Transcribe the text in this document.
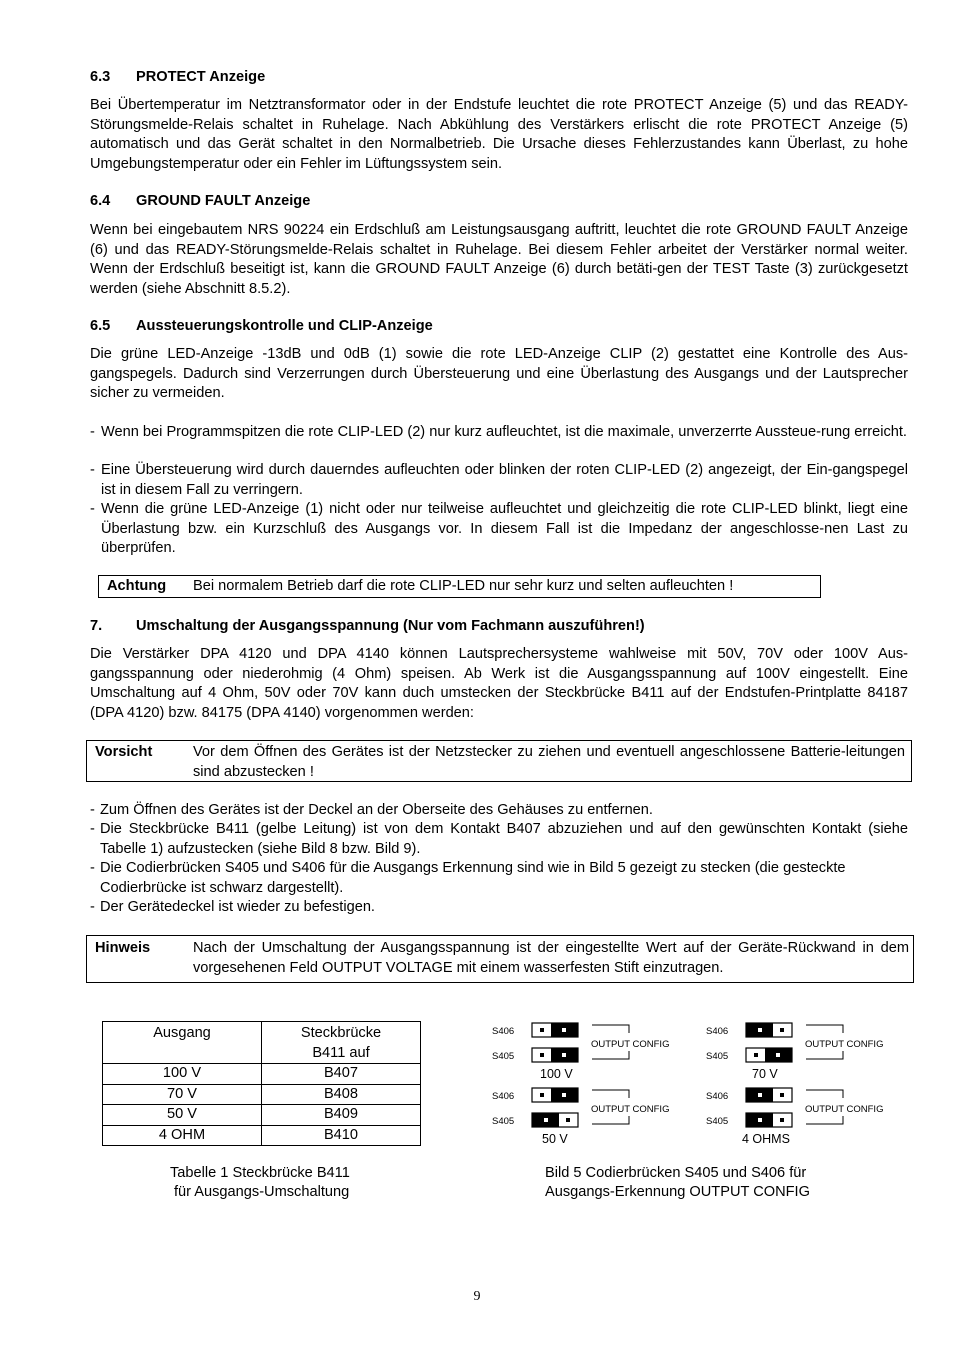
6.3 PROTECT Anzeige
Bei Übertemperatur im Netztransformator oder in der Endstufe leuchtet die rote PROTECT Anzeige (5) und das READY-Störungsmelde-Relais schaltet in Ruhelage. Nach Abkühlung des Verstärkers erlischt die rote PROTECT Anzeige (5) automatisch und das Gerät schaltet in den Normalbetrieb. Die Ursache dieses Fehlerzustandes kann Überlast, zu hohe Umgebungstemperatur oder ein Fehler im Lüftungssystem sein.
6.4 GROUND FAULT Anzeige
Wenn bei eingebautem NRS 90224 ein Erdschluß am Leistungsausgang auftritt, leuchtet die rote GROUND FAULT Anzeige (6) und das READY-Störungsmelde-Relais schaltet in Ruhelage. Bei diesem Fehler arbeitet der Verstärker normal weiter. Wenn der Erdschluß beseitigt ist, kann die GROUND FAULT Anzeige (6) durch betäti-gen der TEST Taste (3) zurückgesetzt werden (siehe Abschnitt 8.5.2).
6.5 Aussteuerungskontrolle und CLIP-Anzeige
Die grüne LED-Anzeige -13dB und 0dB (1) sowie die rote LED-Anzeige CLIP (2) gestattet eine Kontrolle des Aus-gangspegels. Dadurch sind Verzerrungen durch Übersteuerung und eine Überlastung des Ausgangs und der Lautsprecher sicher zu vermeiden.
- Wenn bei Programmspitzen die rote CLIP-LED (2) nur kurz aufleuchtet, ist die maximale, unverzerrte Aussteue-rung erreicht.
- Eine Übersteuerung wird durch dauerndes aufleuchten oder blinken der roten CLIP-LED (2) angezeigt, der Ein-gangspegel ist in diesem Fall zu verringern.
- Wenn die grüne LED-Anzeige (1) nicht oder nur teilweise aufleuchtet und gleichzeitig die rote CLIP-LED blinkt, liegt eine Überlastung bzw. ein Kurzschluß des Ausgangs vor. In diesem Fall ist die Impedanz der angeschlosse-nen Last zu überprüfen.
Achtung Bei normalem Betrieb darf die rote CLIP-LED nur sehr kurz und selten aufleuchten !
7. Umschaltung der Ausgangsspannung (Nur vom Fachmann auszuführen!)
Die Verstärker DPA 4120 und DPA 4140 können Lautsprechersysteme wahlweise mit 50V, 70V oder 100V Aus-gangsspannung oder niederohmig (4 Ohm) speisen. Ab Werk ist die Ausgangsspannung auf 100V eingestellt. Eine Umschaltung auf 4 Ohm, 50V oder 70V kann duch umstecken der Steckbrücke B411 auf der Endstufen-Printplatte 84187 (DPA 4120) bzw. 84175 (DPA 4140) vorgenommen werden:
Vorsicht	Vor dem Öffnen des Gerätes ist der Netzstecker zu ziehen und eventuell angeschlossene Batterie-leitungen sind abzustecken !
- Zum Öffnen des Gerätes ist der Deckel an der Oberseite des Gehäuses zu entfernen.
- Die Steckbrücke B411 (gelbe Leitung) ist von dem Kontakt B407 abzuziehen und auf den gewünschten Kontakt (siehe Tabelle 1) aufzustecken (siehe Bild 8 bzw. Bild 9).
- Die Codierbrücken S405 und S406 für die Ausgangs Erkennung sind wie in Bild 5 gezeigt zu stecken (die gesteckte Codierbrücke ist schwarz dargestellt).
- Der Gerätedeckel ist wieder zu befestigen.
Hinweis	Nach der Umschaltung der Ausgangsspannung ist der eingestellte Wert auf der Geräte-Rückwand in dem vorgesehenen Feld OUTPUT VOLTAGE mit einem wasserfesten Stift einzutragen.
Ausgang	Steckbrücke
B411 auf

100 V	B407
70 V	B408
50 V	B409
4 OHM	B410
Tabelle 1 Steckbrücke B411
für Ausgangs-Umschaltung
S406
S405
OUTPUT CONFIG
100 V
S406
S405
OUTPUT CONFIG
70 V
S406
S405
OUTPUT CONFIG
50 V
S406
S405
OUTPUT CONFIG
4 OHMS
Bild 5 Codierbrücken S405 und S406 für
Ausgangs-Erkennung OUTPUT CONFIG
9
